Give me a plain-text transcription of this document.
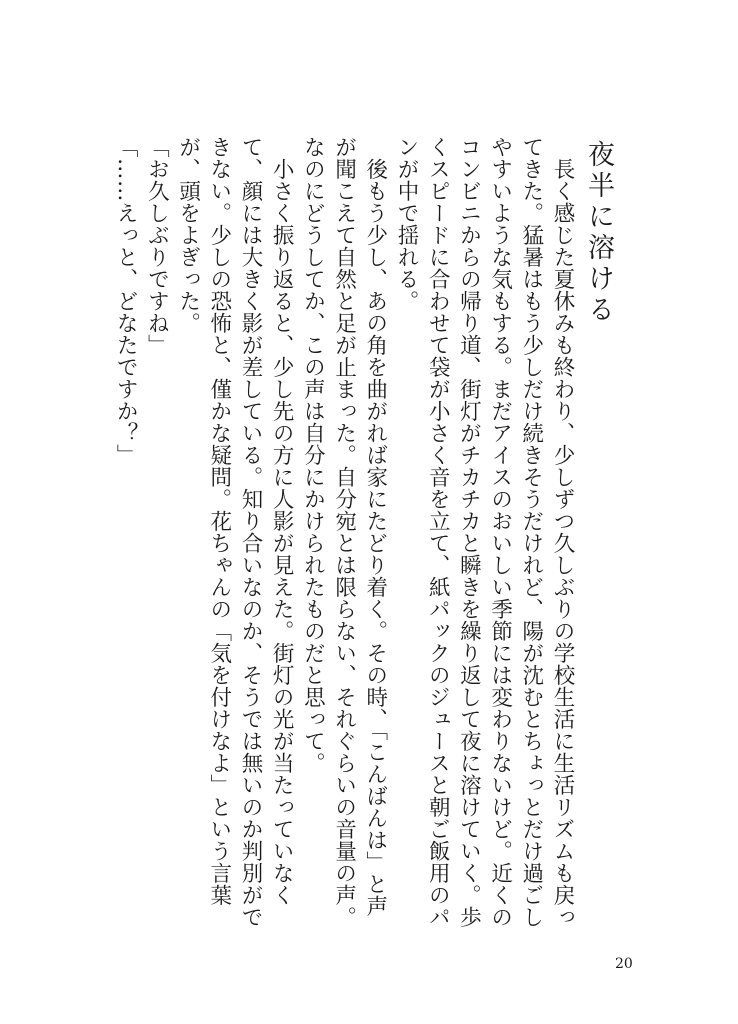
夜半に溶ける

長く感じた夏休みも終わり、少しずつ久しぶりの学校生活に生活リズムも戻ってきた。猛暑はもう少しだけ続きそうだけれど、陽が沈むとちょっとだけ過ごしやすいような気もする。まだアイスのおいしい季節には変わりないけど。近くのコンビニからの帰り道、街灯がチカチカと瞬きを繰り返して夜に溶けていく。歩くスピードに合わせて袋が小さく音を立て、紙パックのジュースと朝ご飯用のパンが中で揺れる。

後もう少し、あの角を曲がれば家にたどり着く。その時、「こんばんは」と声が聞こえて自然と足が止まった。自分宛とは限らない、それぐらいの音量の声。なのにどうしてか、この声は自分にかけられたものだと思って。

小さく振り返ると、少し先の方に人影が見えた。街灯の光が当たっていなくて、顔には大きく影が差している。知り合いなのか、そうでは無いのか判別ができない。少しの恐怖と、僅かな疑問。花ちゃんの「気を付けなよ」という言葉が、頭をよぎった。

「お久しぶりですね」

「……えっと、どなたですか？」

20
